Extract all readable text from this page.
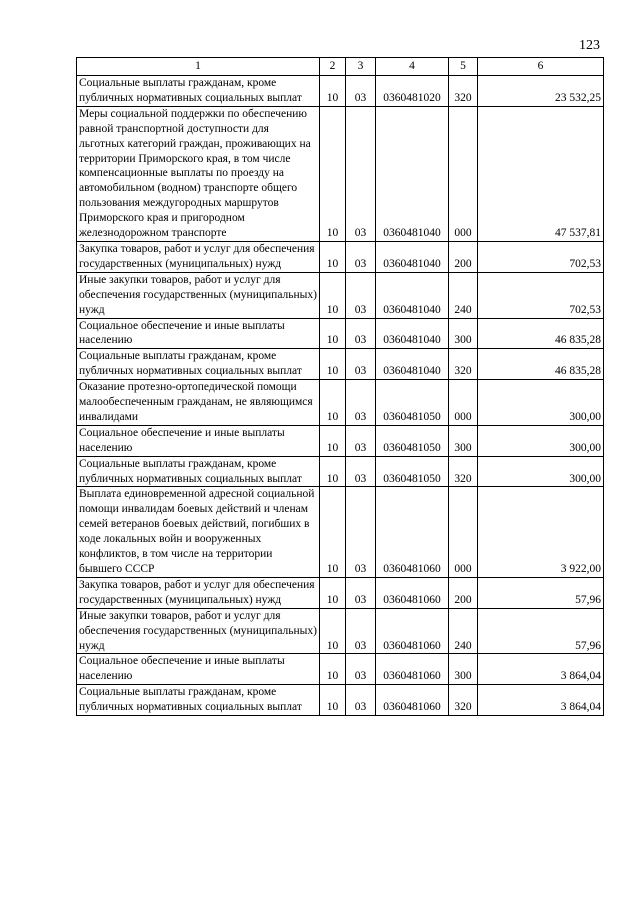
123
1	2	3	4	5	6
Социальные выплаты гражданам, кроме публичных нормативных социальных выплат	10	03	0360481020	320	23 532,25
Меры социальной поддержки по обеспечению равной транспортной доступности для льготных категорий граждан, проживающих на территории Приморского края, в том числе компенсационные выплаты по проезду на автомобильном (водном) транспорте общего пользования междугородных маршрутов Приморского края и пригородном железнодорожном транспорте	10	03	0360481040	000	47 537,81
Закупка товаров, работ и услуг для обеспечения государственных (муниципальных) нужд	10	03	0360481040	200	702,53
Иные закупки товаров, работ и услуг для обеспечения государственных (муниципальных) нужд	10	03	0360481040	240	702,53
Социальное обеспечение и иные выплаты населению	10	03	0360481040	300	46 835,28
Социальные выплаты гражданам, кроме публичных нормативных социальных выплат	10	03	0360481040	320	46 835,28
Оказание протезно-ортопедической помощи малообеспеченным гражданам, не являющимся инвалидами	10	03	0360481050	000	300,00
Социальное обеспечение и иные выплаты населению	10	03	0360481050	300	300,00
Социальные выплаты гражданам, кроме публичных нормативных социальных выплат	10	03	0360481050	320	300,00
Выплата единовременной адресной социальной помощи инвалидам боевых действий и членам семей ветеранов боевых действий, погибших в ходе локальных войн и вооруженных конфликтов, в том числе на территории бывшего СССР	10	03	0360481060	000	3 922,00
Закупка товаров, работ и услуг для обеспечения государственных (муниципальных) нужд	10	03	0360481060	200	57,96
Иные закупки товаров, работ и услуг для обеспечения государственных (муниципальных) нужд	10	03	0360481060	240	57,96
Социальное обеспечение и иные выплаты населению	10	03	0360481060	300	3 864,04
Социальные выплаты гражданам, кроме публичных нормативных социальных выплат	10	03	0360481060	320	3 864,04
